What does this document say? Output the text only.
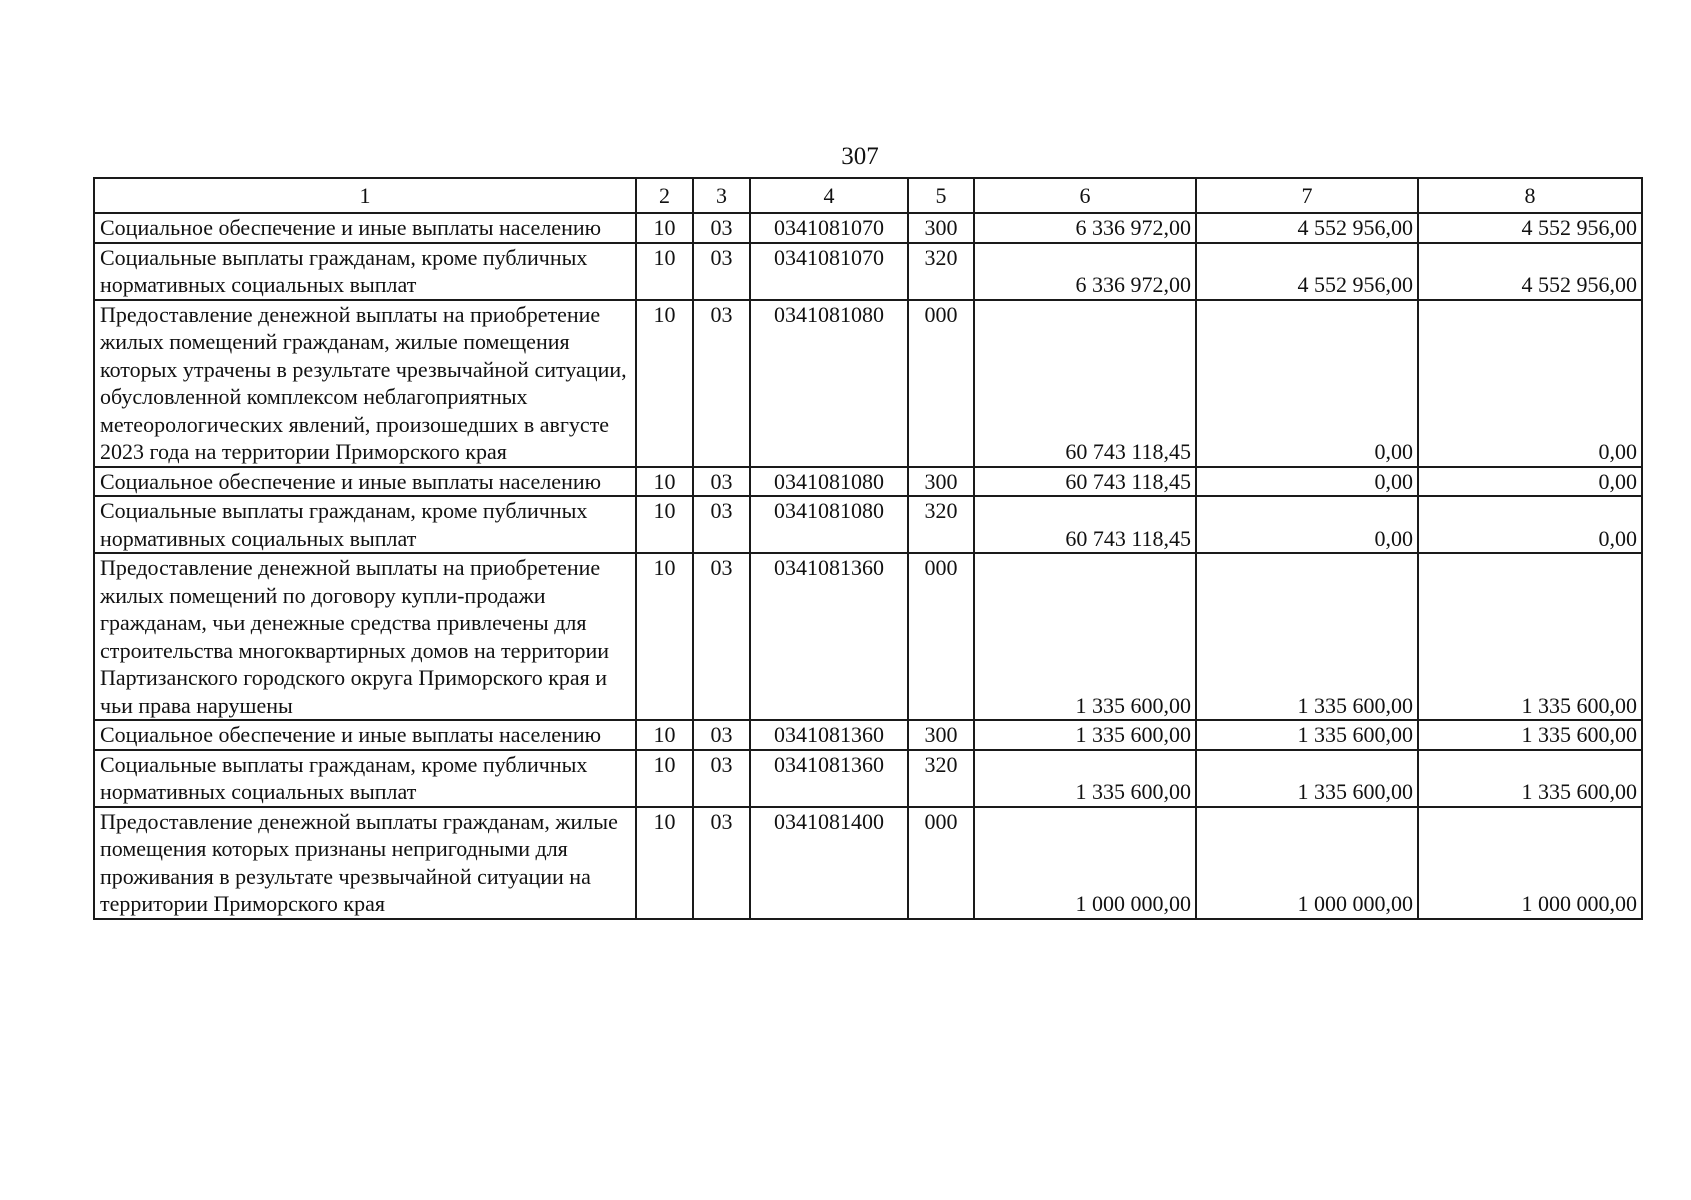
307
1	2	3	4	5	6	7	8
Социальное обеспечение и иные выплаты населению	10	03	0341081070	300	6 336 972,00	4 552 956,00	4 552 956,00
Социальные выплаты гражданам, кроме публичных нормативных социальных выплат	10	03	0341081070	320	6 336 972,00	4 552 956,00	4 552 956,00
Предоставление денежной выплаты на приобретение жилых помещений гражданам, жилые помещения которых утрачены в результате чрезвычайной ситуации, обусловленной комплексом неблагоприятных метеорологических явлений, произошедших в августе 2023 года на территории Приморского края	10	03	0341081080	000	60 743 118,45	0,00	0,00
Социальное обеспечение и иные выплаты населению	10	03	0341081080	300	60 743 118,45	0,00	0,00
Социальные выплаты гражданам, кроме публичных нормативных социальных выплат	10	03	0341081080	320	60 743 118,45	0,00	0,00
Предоставление денежной выплаты на приобретение жилых помещений по договору купли-продажи гражданам, чьи денежные средства привлечены для строительства многоквартирных домов на территории Партизанского городского округа Приморского края и чьи права нарушены	10	03	0341081360	000	1 335 600,00	1 335 600,00	1 335 600,00
Социальное обеспечение и иные выплаты населению	10	03	0341081360	300	1 335 600,00	1 335 600,00	1 335 600,00
Социальные выплаты гражданам, кроме публичных нормативных социальных выплат	10	03	0341081360	320	1 335 600,00	1 335 600,00	1 335 600,00
Предоставление денежной выплаты гражданам, жилые помещения которых признаны непригодными для проживания в результате чрезвычайной ситуации на территории Приморского края	10	03	0341081400	000	1 000 000,00	1 000 000,00	1 000 000,00
